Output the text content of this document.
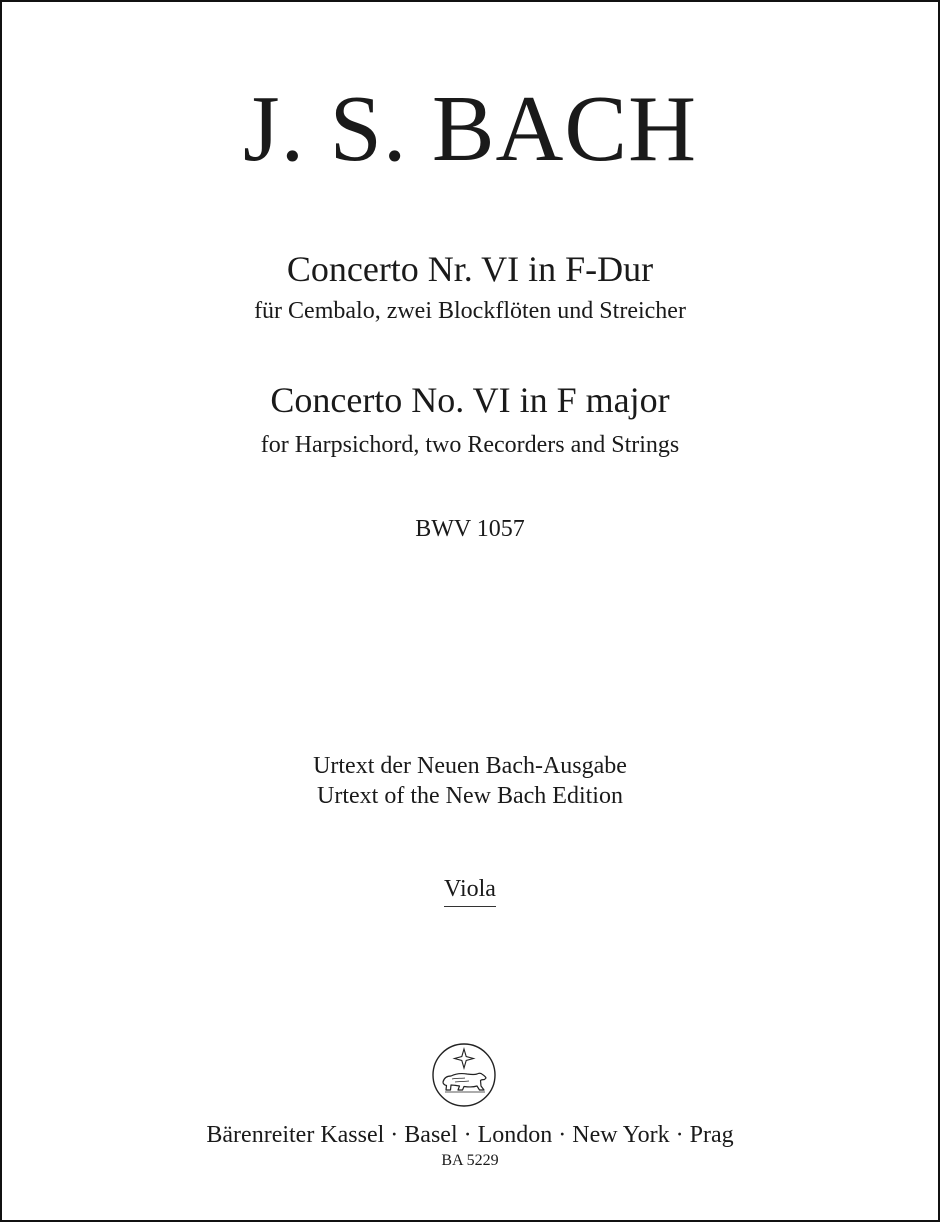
J. S. BACH
Concerto Nr. VI in F-Dur
für Cembalo, zwei Blockflöten und Streicher
Concerto No. VI in F major
for Harpsichord, two Recorders and Strings
BWV 1057
Urtext der Neuen Bach-Ausgabe
Urtext of the New Bach Edition
Viola
Bärenreiter Kassel · Basel · London · New York · Prag
BA 5229
